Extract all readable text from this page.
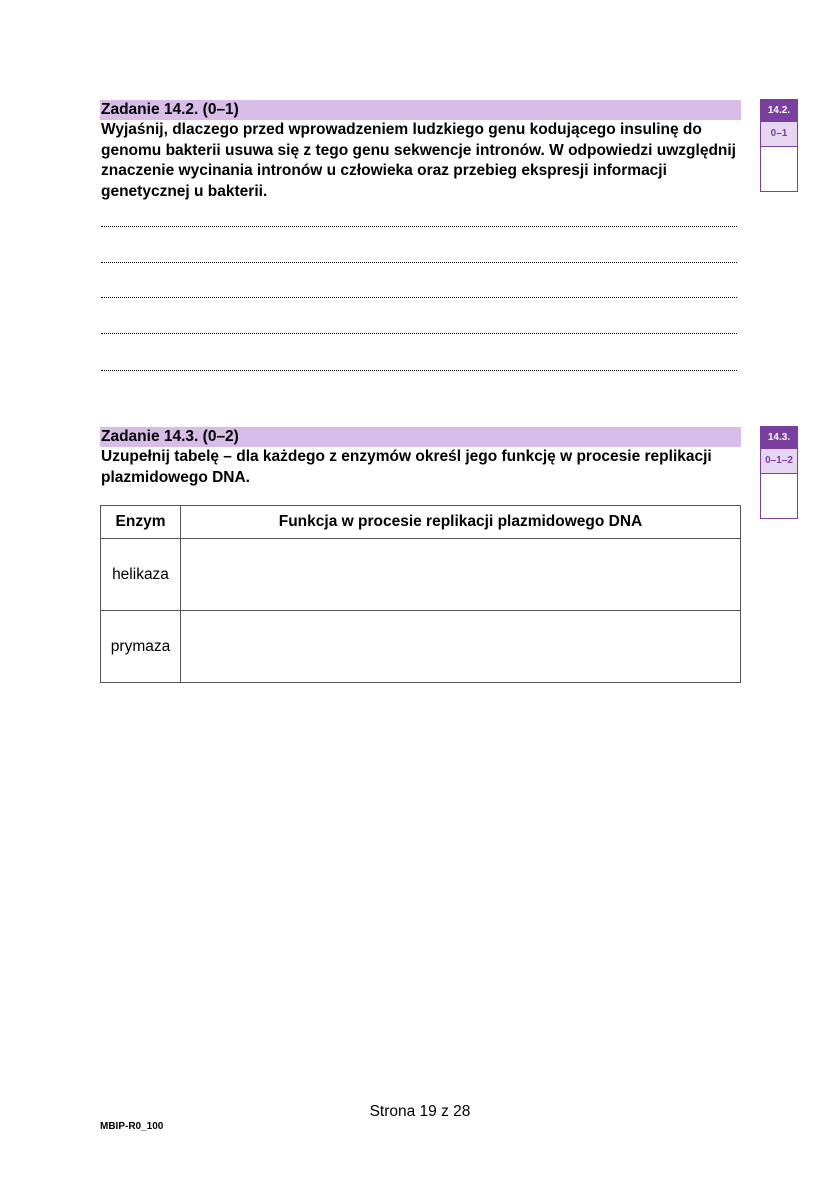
Zadanie 14.2. (0–1)
Wyjaśnij, dlaczego przed wprowadzeniem ludzkiego genu kodującego insulinę do genomu bakterii usuwa się z tego genu sekwencje intronów. W odpowiedzi uwzględnij znaczenie wycinania intronów u człowieka oraz przebieg ekspresji informacji genetycznej u bakterii.
14.2.
0–1
Zadanie 14.3. (0–2)
Uzupełnij tabelę – dla każdego z enzymów określ jego funkcję w procesie replikacji plazmidowego DNA.
14.3.
0–1–2
Enzym	Funkcja w procesie replikacji plazmidowego DNA
helikaza	
prymaza	
Strona 19 z 28
MBIP-R0_100
